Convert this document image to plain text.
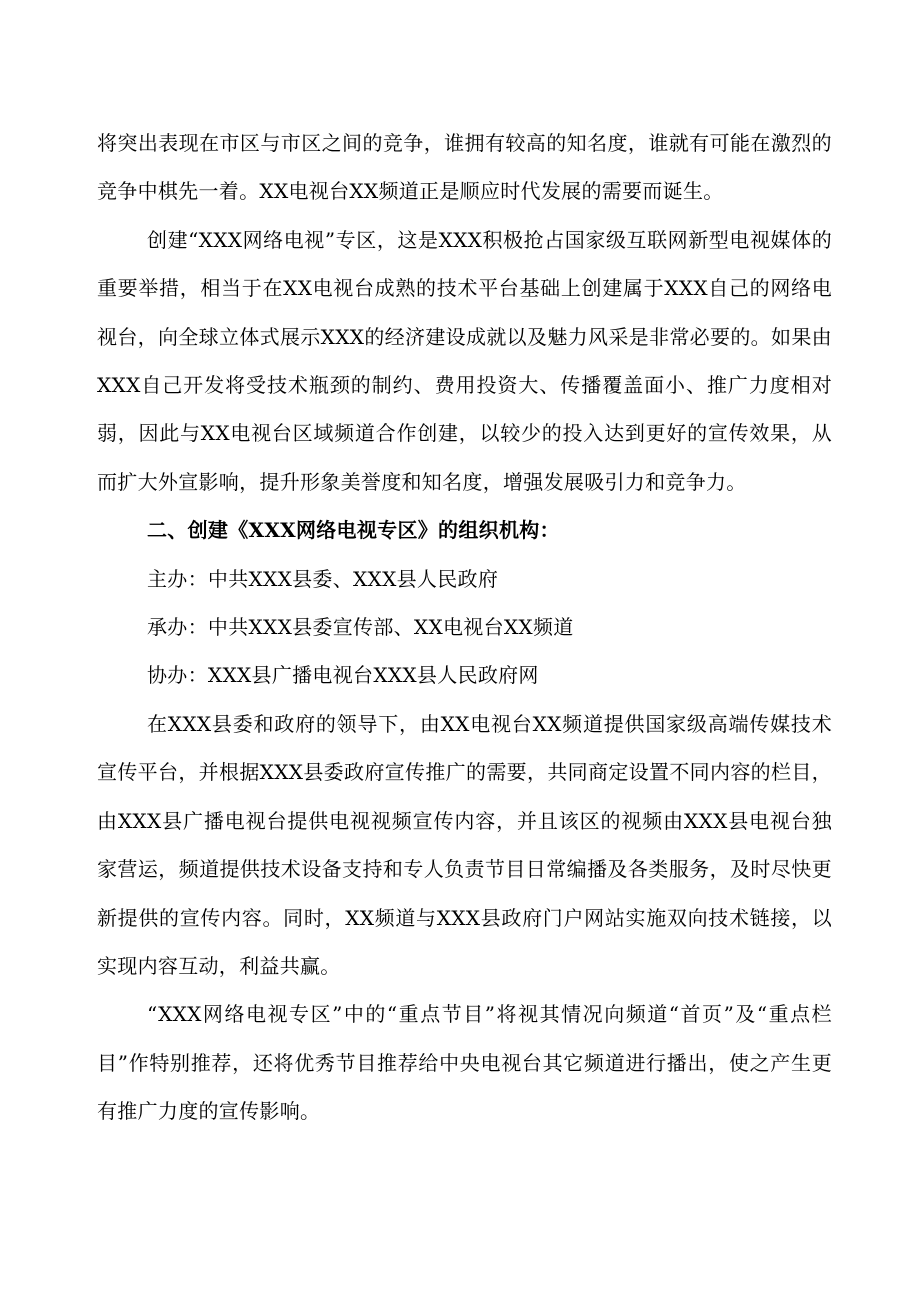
将突出表现在市区与市区之间的竞争，谁拥有较高的知名度，谁就有可能在激烈的竞争中棋先一着。XX电视台XX频道正是顺应时代发展的需要而诞生。

创建“XXX网络电视”专区，这是XXX积极抢占国家级互联网新型电视媒体的重要举措，相当于在XX电视台成熟的技术平台基础上创建属于XXX自己的网络电视台，向全球立体式展示XXX的经济建设成就以及魅力风采是非常必要的。如果由XXX自己开发将受技术瓶颈的制约、费用投资大、传播覆盖面小、推广力度相对弱，因此与XX电视台区域频道合作创建，以较少的投入达到更好的宣传效果，从而扩大外宣影响，提升形象美誉度和知名度，增强发展吸引力和竞争力。

二、创建《XXX网络电视专区》的组织机构：

主办：中共XXX县委、XXX县人民政府

承办：中共XXX县委宣传部、XX电视台XX频道

协办：XXX县广播电视台XXX县人民政府网

在XXX县委和政府的领导下，由XX电视台XX频道提供国家级高端传媒技术宣传平台，并根据XXX县委政府宣传推广的需要，共同商定设置不同内容的栏目，由XXX县广播电视台提供电视视频宣传内容，并且该区的视频由XXX县电视台独家营运，频道提供技术设备支持和专人负责节目日常编播及各类服务，及时尽快更新提供的宣传内容。同时，XX频道与XXX县政府门户网站实施双向技术链接，以实现内容互动，利益共赢。

“XXX网络电视专区”中的“重点节目”将视其情况向频道“首页”及“重点栏目”作特别推荐，还将优秀节目推荐给中央电视台其它频道进行播出，使之产生更有推广力度的宣传影响。
